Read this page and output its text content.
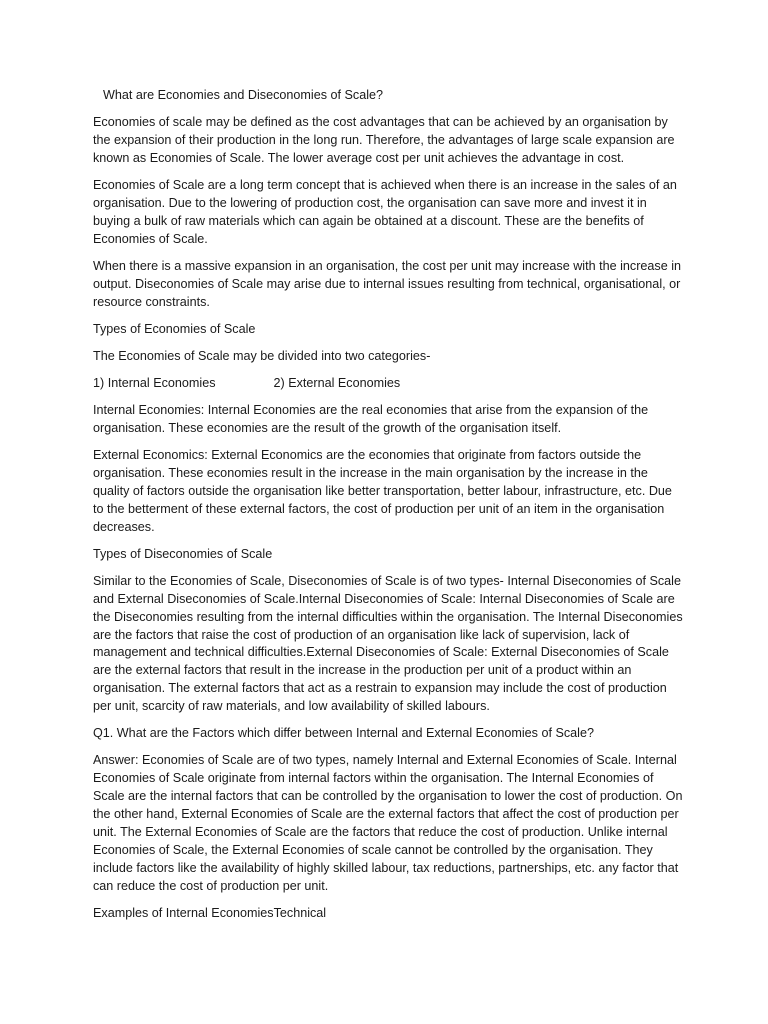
What are Economies and Diseconomies of Scale?

Economies of scale may be defined as the cost advantages that can be achieved by an organisation by the expansion of their production in the long run. Therefore, the advantages of large scale expansion are known as Economies of Scale. The lower average cost per unit achieves the advantage in cost.

Economies of Scale are a long term concept that is achieved when there is an increase in the sales of an organisation. Due to the lowering of production cost, the organisation can save more and invest it in buying a bulk of raw materials which can again be obtained at a discount. These are the benefits of Economies of Scale.

When there is a massive expansion in an organisation, the cost per unit may increase with the increase in output. Diseconomies of Scale may arise due to internal issues resulting from technical, organisational, or resource constraints.

Types of Economies of Scale

The Economies of Scale may be divided into two categories-

1) Internal Economies	2) External Economies

Internal Economies: Internal Economies are the real economies that arise from the expansion of the organisation. These economies are the result of the growth of the organisation itself.

External Economics: External Economics are the economies that originate from factors outside the organisation. These economies result in the increase in the main organisation by the increase in the quality of factors outside the organisation like better transportation, better labour, infrastructure, etc. Due to the betterment of these external factors, the cost of production per unit of an item in the organisation decreases.

Types of Diseconomies of Scale

Similar to the Economies of Scale, Diseconomies of Scale is of two types- Internal Diseconomies of Scale and External Diseconomies of Scale.Internal Diseconomies of Scale: Internal Diseconomies of Scale are the Diseconomies resulting from the internal difficulties within the organisation. The Internal Diseconomies are the factors that raise the cost of production of an organisation like lack of supervision, lack of management and technical difficulties.External Diseconomies of Scale: External Diseconomies of Scale are the external factors that result in the increase in the production per unit of a product within an organisation. The external factors that act as a restrain to expansion may include the cost of production per unit, scarcity of raw materials, and low availability of skilled labours.

Q1. What are the Factors which differ between Internal and External Economies of Scale?

Answer: Economies of Scale are of two types, namely Internal and External Economies of Scale. Internal Economies of Scale originate from internal factors within the organisation. The Internal Economies of Scale are the internal factors that can be controlled by the organisation to lower the cost of production. On the other hand, External Economies of Scale are the external factors that affect the cost of production per unit. The External Economies of Scale are the factors that reduce the cost of production. Unlike internal Economies of Scale, the External Economies of scale cannot be controlled by the organisation. They include factors like the availability of highly skilled labour, tax reductions, partnerships, etc. any factor that can reduce the cost of production per unit.

Examples of Internal EconomiesTechnical
